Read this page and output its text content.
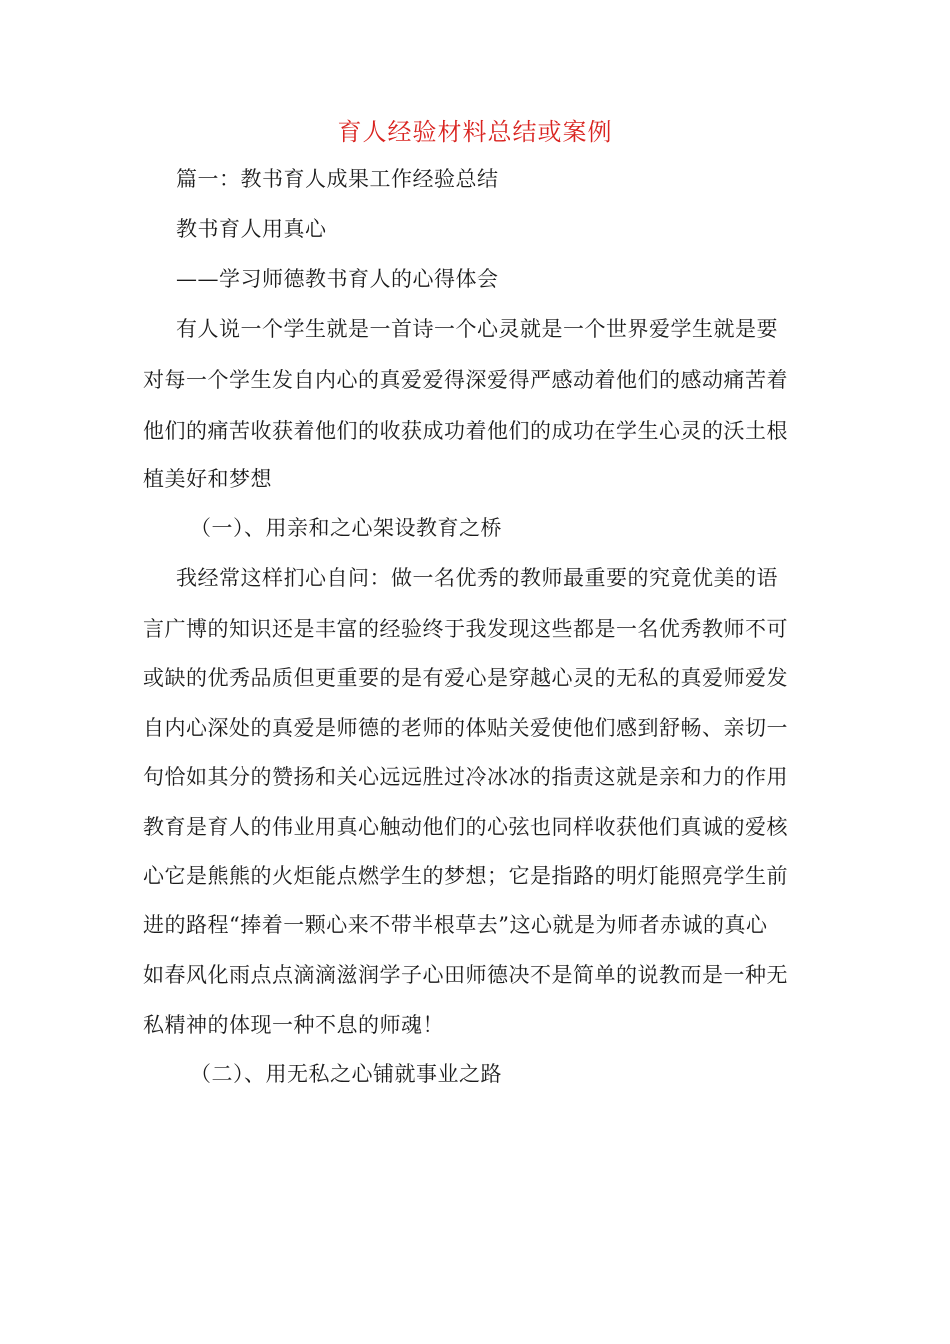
育人经验材料总结或案例
篇一：教书育人成果工作经验总结
教书育人用真心
——学习师德教书育人的心得体会
有人说一个学生就是一首诗一个心灵就是一个世界爱学生就是要
对每一个学生发自内心的真爱爱得深爱得严感动着他们的感动痛苦着
他们的痛苦收获着他们的收获成功着他们的成功在学生心灵的沃土根
植美好和梦想
（一）、用亲和之心架设教育之桥
我经常这样扪心自问：做一名优秀的教师最重要的究竟优美的语
言广博的知识还是丰富的经验终于我发现这些都是一名优秀教师不可
或缺的优秀品质但更重要的是有爱心是穿越心灵的无私的真爱师爱发
自内心深处的真爱是师德的老师的体贴关爱使他们感到舒畅、亲切一
句恰如其分的赞扬和关心远远胜过冷冰冰的指责这就是亲和力的作用
教育是育人的伟业用真心触动他们的心弦也同样收获他们真诚的爱核
心它是熊熊的火炬能点燃学生的梦想；它是指路的明灯能照亮学生前
进的路程“捧着一颗心来不带半根草去”这心就是为师者赤诚的真心
如春风化雨点点滴滴滋润学子心田师德决不是简单的说教而是一种无
私精神的体现一种不息的师魂！
（二）、用无私之心铺就事业之路
